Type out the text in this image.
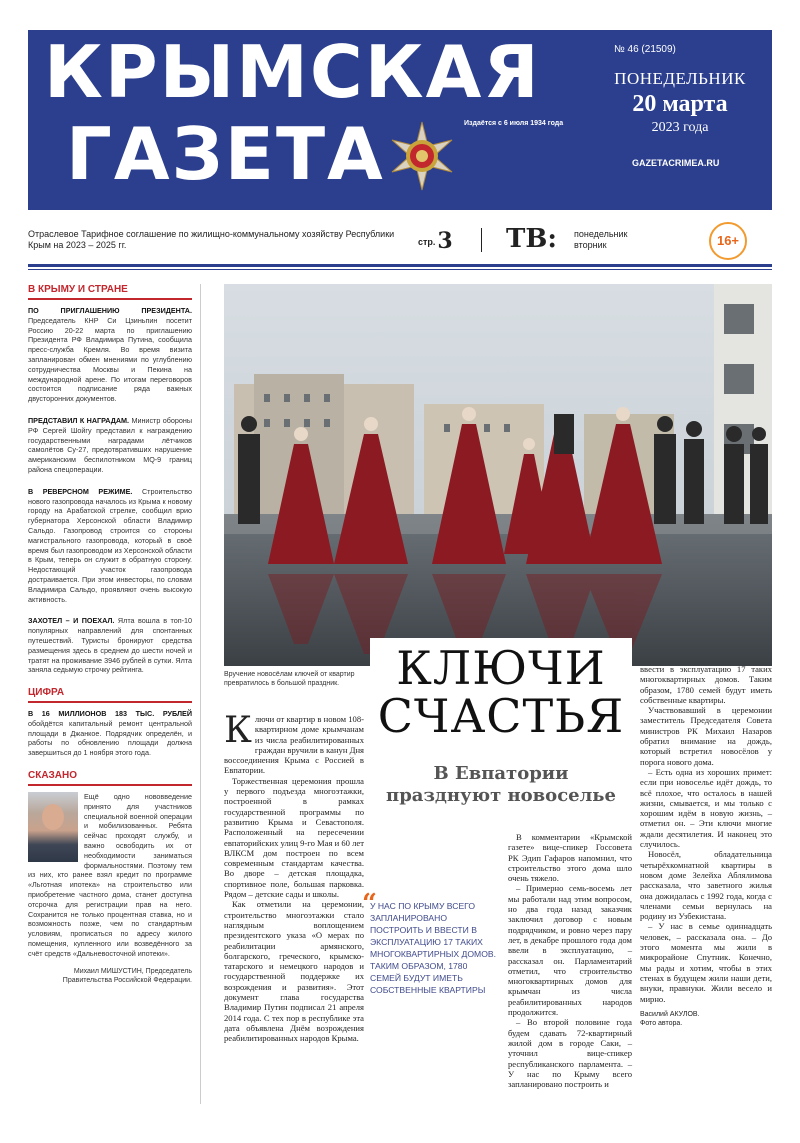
КРЫМСКАЯ
ГАЗЕТА	Издаётся с 6 июля 1934 года
№ 46 (21509)
ПОНЕДЕЛЬНИК
20 марта
2023 года
GAZETACRIMEA.RU
Отраслевое Тарифное соглашение по жилищно-коммунальному хозяйству Республики Крым на 2023 – 2025 гг.	стр.3 ТВ: понедельник
вторник	16+
В КРЫМУ И СТРАНЕ
ПО ПРИГЛАШЕНИЮ ПРЕЗИДЕНТА. Председатель КНР Си Цзиньпин посетит Россию 20-22 марта по приглашению Президента РФ Владимира Путина, сообщила пресс-служба Кремля. Во время визита запланирован обмен мнениями по углублению сотрудничества Москвы и Пекина на международной арене. По итогам переговоров состоится подписание ряда важных двусторонних документов.
ПРЕДСТАВИЛ К НАГРАДАМ. Министр обороны РФ Сергей Шойгу представил к награждению государственными наградами лётчиков самолётов Су-27, предотвративших нарушение американским беспилотником MQ-9 границ района спецоперации.
В РЕВЕРСНОМ РЕЖИМЕ. Строительство нового газопровода началось из Крыма к новому городу на Арабатской стрелке, сообщил врио губернатора Херсонской области Владимир Сальдо. Газопровод строится со стороны магистрального газопровода, который в своё время был газопроводом из Херсонской области в Крым, теперь он служит в обратную сторону. Недостающий участок газопровода достраивается. При этом инвесторы, по словам Владимира Сальдо, проявляют очень высокую активность.
ЗАХОТЕЛ – И ПОЕХАЛ. Ялта вошла в топ-10 популярных направлений для спонтанных путешествий. Туристы бронируют средства размещения здесь в среднем до шести ночей и тратят на проживание 3946 рублей в сутки. Ялта заняла седьмую строчку рейтинга.
ЦИФРА
В 16 МИЛЛИОНОВ 183 ТЫС. РУБЛЕЙ обойдётся капитальный ремонт центральной площади в Джанкое. Подрядчик определён, и работы по обновлению площади должна завершиться до 1 ноября этого года.
СКАЗАНО
Ещё одно нововведение принято для участников специальной военной операции и мобилизованных. Ребята сейчас проходят службу, и важно освободить их от необходимости заниматься формальностями. Поэтому тем из них, кто ранее взял кредит по программе «Льготная ипотека» на строительство или приобретение частного дома, станет доступна отсрочка для регистрации прав на него. Сохранится не только процентная ставка, но и возможность позже, чем по стандартным условиям, прописаться по адресу жилого помещения, купленного или возведённого за счёт средств «Дальневосточной ипотеки».
Михаил МИШУСТИН, Председатель
Правительства Российской Федерации.
Вручение новосёлам ключей от квартир превратилось в большой праздник.	КЛЮЧИ
СЧАСТЬЯ
В Евпатории
празднуют новоселье

Ключи от квартир в новом 108-квартирном доме крымчанам из числа реабилитированных граждан вручили в канун Дня воссоединения Крыма с Россией в Евпатории.

Торжественная церемония прошла у первого подъезда многоэтажки, построенной в рамках государственной программы по развитию Крыма и Севастополя. Расположенный на пересечении евпаторийских улиц 9-го Мая и 60 лет ВЛКСМ дом построен по всем современным стандартам качества. Во дворе – детская площадка, спортивное поле, большая парковка. Рядом – детские сады и школы.

Как отметили на церемонии, строительство многоэтажки стало наглядным воплощением президентского указа «О мерах по реабилитации армянского, болгарского, греческого, крымско-татарского и немецкого народов и государственной поддержке их возрождения и развития». Этот документ глава государства Владимир Путин подписал 21 апреля 2014 года. С тех пор в республике эта дата объявлена Днём возрождения реабилитированных народов Крыма.

“
У НАС ПО КРЫМУ ВСЕГО ЗАПЛАНИРОВАНО ПОСТРОИТЬ И ВВЕСТИ В ЭКСПЛУАТАЦИЮ 17 ТАКИХ МНОГОКВАРТИРНЫХ ДОМОВ. ТАКИМ ОБРАЗОМ, 1780 СЕМЕЙ БУДУТ ИМЕТЬ СОБСТВЕННЫЕ КВАРТИРЫ

В комментарии «Крымской газете» вице-спикер Госсовета РК Эдип Гафаров напомнил, что строительство этого дома шло очень тяжело.

– Примерно семь-восемь лет мы работали над этим вопросом, но два года назад заказчик заключил договор с новым подрядчиком, и ровно через пару лет, в декабре прошлого года дом ввели в эксплуатацию, – рассказал он. Парламентарий отметил, что строительство многоквартирных домов для крымчан из числа реабилитированных народов продолжится.

– Во второй половине года будем сдавать 72-квартирный жилой дом в городе Саки, – уточнил вице-спикер республиканского парламента. – У нас по Крыму всего запланировано построить и

ввести в эксплуатацию 17 таких многоквартирных домов. Таким образом, 1780 семей будут иметь собственные квартиры.

Участвовавший в церемонии заместитель Председателя Совета министров РК Михаил Назаров обратил внимание на дождь, который встретил новосёлов у порога нового дома.

– Есть одна из хороших примет: если при новоселье идёт дождь, то всё плохое, что осталось в нашей жизни, смывается, и мы только с хорошим идём в новую жизнь, – отметил он. – Эти ключи многие ждали десятилетия. И наконец это случилось.

Новосёл, обладательница четырёхкомнатной квартиры в новом доме Зелейха Аблялимова рассказала, что заветного жилья она дожидалась с 1992 года, когда с членами семьи вернулась на родину из Узбекистана.

– У нас в семье одиннадцать человек, – рассказала она. – До этого момента мы жили в микрорайоне Спутник. Конечно, мы рады и хотим, чтобы в этих стенах в будущем жили наши дети, внуки, правнуки. Жили весело и мирно.

Василий АКУЛОВ.
Фото автора.
